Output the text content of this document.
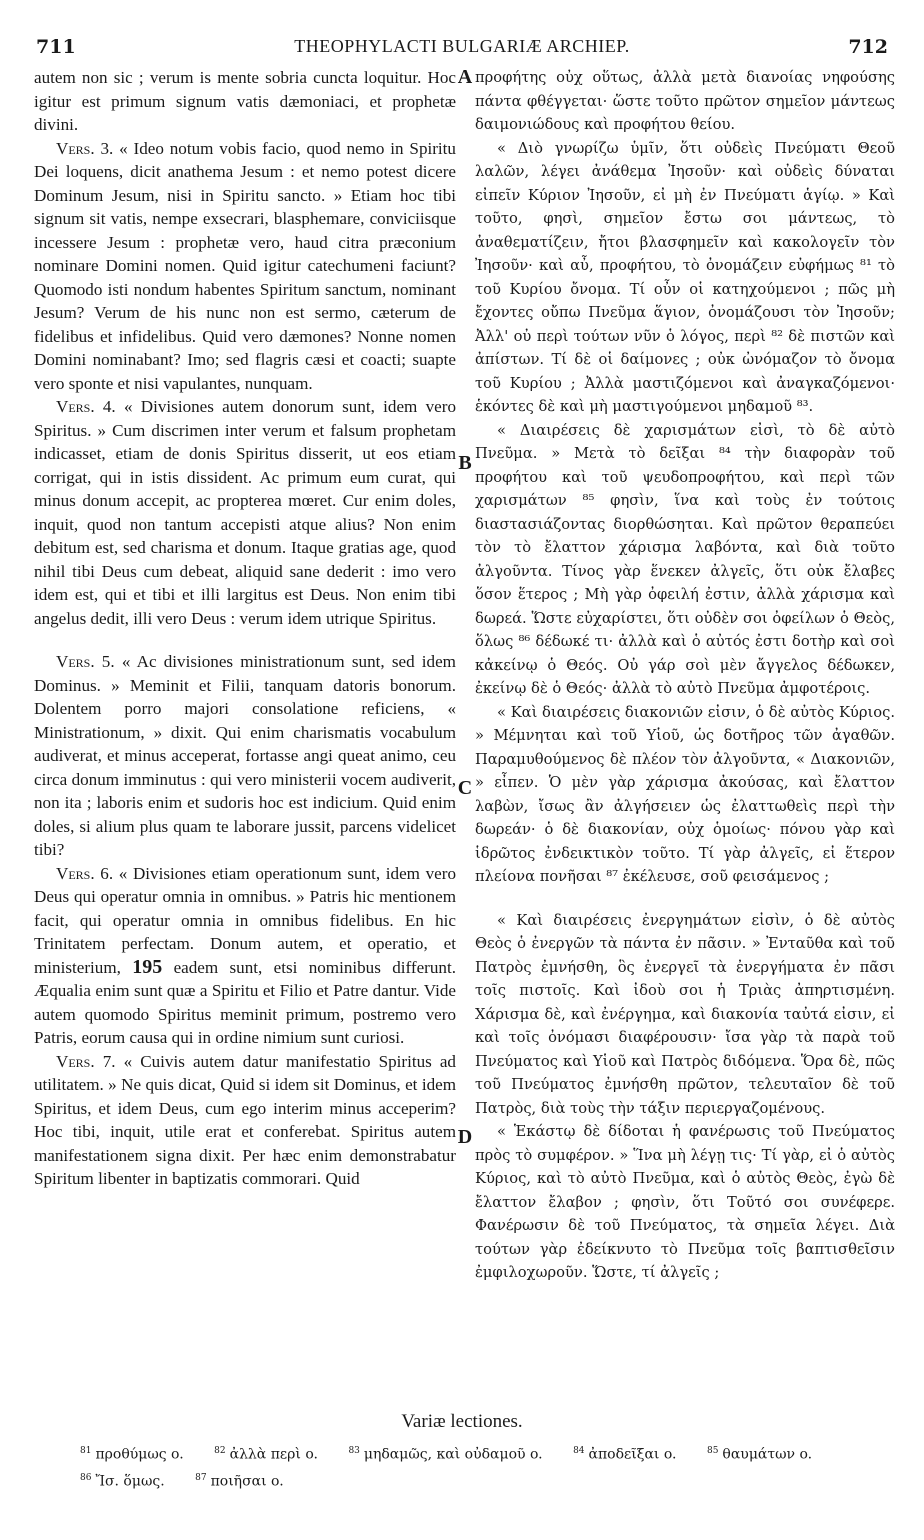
711	THEOPHYLACTI BULGARIÆ ARCHIEP.	712
A
B
C
D

autem non sic ; verum is mente sobria cuncta loquitur. Hoc igitur est primum signum vatis dæmoniaci, et prophetæ divini.

Vers. 3. « Ideo notum vobis facio, quod nemo in Spiritu Dei loquens, dicit anathema Jesum : et nemo potest dicere Dominum Jesum, nisi in Spiritu sancto. » Etiam hoc tibi signum sit vatis, nempe exsecrari, blasphemare, conviciisque incessere Jesum : prophetæ vero, haud citra præconium nominare Domini nomen. Quid igitur catechumeni faciunt? Quomodo isti nondum habentes Spiritum sanctum, nominant Jesum? Verum de his nunc non est sermo, cæterum de fidelibus et infidelibus. Quid vero dæmones? Nonne nomen Domini nominabant? Imo; sed flagris cæsi et coacti; suapte vero sponte et nisi vapulantes, nunquam.

Vers. 4. « Divisiones autem donorum sunt, idem vero Spiritus. » Cum discrimen inter verum et falsum prophetam indicasset, etiam de donis Spiritus disserit, ut eos etiam corrigat, qui in istis dissident. Ac primum eum curat, qui minus donum accepit, ac propterea mœret. Cur enim doles, inquit, quod non tantum accepisti atque alius? Non enim debitum est, sed charisma et donum. Itaque gratias age, quod nihil tibi Deus cum debeat, aliquid sane dederit : imo vero idem est, qui et tibi et illi largitus est Deus. Non enim tibi angelus dedit, illi vero Deus : verum idem utrique Spiritus.

Vers. 5. « Ac divisiones ministrationum sunt, sed idem Dominus. » Meminit et Filii, tanquam datoris bonorum. Dolentem porro majori consolatione reficiens, « Ministrationum, » dixit. Qui enim charismatis vocabulum audiverat, et minus acceperat, fortasse angi queat animo, ceu circa donum imminutus : qui vero ministerii vocem audiverit, non ita ; laboris enim et sudoris hoc est indicium. Quid enim doles, si alium plus quam te laborare jussit, parcens videlicet tibi?

Vers. 6. « Divisiones etiam operationum sunt, idem vero Deus qui operatur omnia in omnibus. » Patris hic mentionem facit, qui operatur omnia in omnibus fidelibus. En hic Trinitatem perfectam. Donum autem, et operatio, et ministerium, 195 eadem sunt, etsi nominibus differunt. Æqualia enim sunt quæ a Spiritu et Filio et Patre dantur. Vide autem quomodo Spiritus meminit primum, postremo vero Patris, eorum causa qui in ordine nimium sunt curiosi.

Vers. 7. « Cuivis autem datur manifestatio Spiritus ad utilitatem. » Ne quis dicat, Quid si idem sit Dominus, et idem Spiritus, et idem Deus, cum ego interim minus acceperim? Hoc tibi, inquit, utile erat et conferebat. Spiritus autem manifestationem signa dixit. Per hæc enim demonstrabatur Spiritum libenter in baptizatis commorari. Quid

προφήτης οὐχ οὕτως, ἀλλὰ μετὰ διανοίας νηφούσης πάντα φθέγγεται· ὥστε τοῦτο πρῶτον σημεῖον μάντεως δαιμονιώδους καὶ προφήτου θείου.

« Διὸ γνωρίζω ὑμῖν, ὅτι οὐδεὶς Πνεύματι Θεοῦ λαλῶν, λέγει ἀνάθεμα Ἰησοῦν· καὶ οὐδεὶς δύναται εἰπεῖν Κύριον Ἰησοῦν, εἰ μὴ ἐν Πνεύματι ἁγίῳ. » Καὶ τοῦτο, φησὶ, σημεῖον ἔστω σοι μάντεως, τὸ ἀναθεματίζειν, ἤτοι βλασφημεῖν καὶ κακολογεῖν τὸν Ἰησοῦν· καὶ αὖ, προφήτου, τὸ ὀνομάζειν εὐφήμως ⁸¹ τὸ τοῦ Κυρίου ὄνομα. Τί οὖν οἱ κατηχούμενοι ; πῶς μὴ ἔχοντες οὔπω Πνεῦμα ἅγιον, ὀνομάζουσι τὸν Ἰησοῦν; Ἀλλ' οὐ περὶ τούτων νῦν ὁ λόγος, περὶ ⁸² δὲ πιστῶν καὶ ἀπίστων. Τί δὲ οἱ δαίμονες ; οὐκ ὠνόμαζον τὸ ὄνομα τοῦ Κυρίου ; Ἀλλὰ μαστιζόμενοι καὶ ἀναγκαζόμενοι· ἑκόντες δὲ καὶ μὴ μαστιγούμενοι μηδαμοῦ ⁸³.

« Διαιρέσεις δὲ χαρισμάτων εἰσὶ, τὸ δὲ αὐτὸ Πνεῦμα. » Μετὰ τὸ δεῖξαι ⁸⁴ τὴν διαφορὰν τοῦ προφήτου καὶ τοῦ ψευδοπροφήτου, καὶ περὶ τῶν χαρισμάτων ⁸⁵ φησὶν, ἵνα καὶ τοὺς ἐν τούτοις διαστασιάζοντας διορθώσηται. Καὶ πρῶτον θεραπεύει τὸν τὸ ἔλαττον χάρισμα λαβόντα, καὶ διὰ τοῦτο ἀλγοῦντα. Τίνος γὰρ ἕνεκεν ἀλγεῖς, ὅτι οὐκ ἔλαβες ὅσον ἕτερος ; Μὴ γὰρ ὀφειλή ἐστιν, ἀλλὰ χάρισμα καὶ δωρεά. Ὥστε εὐχαρίστει, ὅτι οὐδὲν σοι ὀφείλων ὁ Θεὸς, ὅλως ⁸⁶ δέδωκέ τι· ἀλλὰ καὶ ὁ αὐτός ἐστι δοτὴρ καὶ σοὶ κἀκείνῳ ὁ Θεός. Οὐ γάρ σοὶ μὲν ἄγγελος δέδωκεν, ἐκείνῳ δὲ ὁ Θεός· ἀλλὰ τὸ αὐτὸ Πνεῦμα ἀμφοτέροις.

« Καὶ διαιρέσεις διακονιῶν εἰσιν, ὁ δὲ αὐτὸς Κύριος. » Μέμνηται καὶ τοῦ Υἱοῦ, ὡς δοτῆρος τῶν ἀγαθῶν. Παραμυθούμενος δὲ πλέον τὸν ἀλγοῦντα, « Διακονιῶν, » εἶπεν. Ὁ μὲν γὰρ χάρισμα ἀκούσας, καὶ ἔλαττον λαβὼν, ἴσως ἂν ἀλγήσειεν ὡς ἐλαττωθεὶς περὶ τὴν δωρεάν· ὁ δὲ διακονίαν, οὐχ ὁμοίως· πόνου γὰρ καὶ ἱδρῶτος ἐνδεικτικὸν τοῦτο. Τί γὰρ ἀλγεῖς, εἰ ἕτερον πλείονα πονῆσαι ⁸⁷ ἐκέλευσε, σοῦ φεισάμενος ;

« Καὶ διαιρέσεις ἐνεργημάτων εἰσὶν, ὁ δὲ αὐτὸς Θεὸς ὁ ἐνεργῶν τὰ πάντα ἐν πᾶσιν. » Ἐνταῦθα καὶ τοῦ Πατρὸς ἐμνήσθη, ὃς ἐνεργεῖ τὰ ἐνεργήματα ἐν πᾶσι τοῖς πιστοῖς. Καὶ ἰδοὺ σοι ἡ Τριὰς ἀπηρτισμένη. Χάρισμα δὲ, καὶ ἐνέργημα, καὶ διακονία ταὐτά εἰσιν, εἰ καὶ τοῖς ὀνόμασι διαφέρουσιν· ἴσα γὰρ τὰ παρὰ τοῦ Πνεύματος καὶ Υἱοῦ καὶ Πατρὸς διδόμενα. Ὅρα δὲ, πῶς τοῦ Πνεύματος ἐμνήσθη πρῶτον, τελευταῖον δὲ τοῦ Πατρὸς, διὰ τοὺς τὴν τάξιν περιεργαζομένους.

« Ἑκάστῳ δὲ δίδοται ἡ φανέρωσις τοῦ Πνεύματος πρὸς τὸ συμφέρον. » Ἵνα μὴ λέγῃ τις· Τί γὰρ, εἰ ὁ αὐτὸς Κύριος, καὶ τὸ αὐτὸ Πνεῦμα, καὶ ὁ αὐτὸς Θεὸς, ἐγὼ δὲ ἔλαττον ἔλαβον ; φησὶν, ὅτι Τοῦτό σοι συνέφερε. Φανέρωσιν δὲ τοῦ Πνεύματος, τὰ σημεῖα λέγει. Διὰ τούτων γὰρ ἐδείκνυτο τὸ Πνεῦμα τοῖς βαπτισθεῖσιν ἐμφιλοχωροῦν. Ὥστε, τί ἀλγεῖς ;

Variæ lectiones.
$^{81}$ προθύμως o.	$^{82}$ ἀλλὰ περὶ o.	$^{83}$ μηδαμῶς, καὶ οὐδαμοῦ o.	$^{84}$ ἀποδεῖξαι o.	$^{85}$ θαυμάτων o.
$^{86}$ Ἴσ. ὅμως.	$^{87}$ ποιῆσαι o.
